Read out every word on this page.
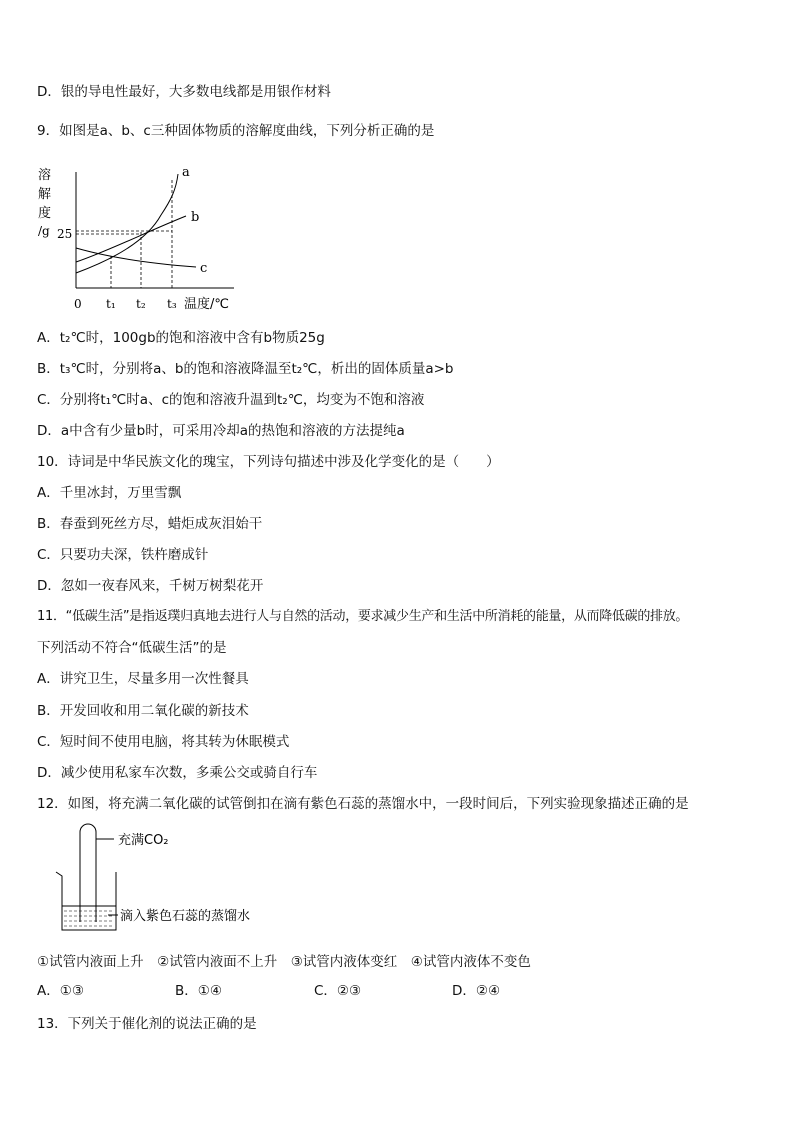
D．银的导电性最好，大多数电线都是用银作材料
9．如图是a、b、c三种固体物质的溶解度曲线，下列分析正确的是
溶
解
度
/g 25
a
b
c
0 t₁ t₂ t₃ 温度/℃
A．t₂℃时，100gb的饱和溶液中含有b物质25g
B．t₃℃时，分别将a、b的饱和溶液降温至t₂℃，析出的固体质量a>b
C．分别将t₁℃时a、c的饱和溶液升温到t₂℃，均变为不饱和溶液
D．a中含有少量b时，可采用冷却a的热饱和溶液的方法提纯a
10．诗词是中华民族文化的瑰宝，下列诗句描述中涉及化学变化的是（　　）
A．千里冰封，万里雪飘
B．春蚕到死丝方尽，蜡炬成灰泪始干
C．只要功夫深，铁杵磨成针
D．忽如一夜春风来，千树万树梨花开
11．“低碳生活”是指返璞归真地去进行人与自然的活动，要求减少生产和生活中所消耗的能量，从而降低碳的排放。
下列活动不符合“低碳生活”的是
A．讲究卫生，尽量多用一次性餐具
B．开发回收和用二氧化碳的新技术
C．短时间不使用电脑，将其转为休眠模式
D．减少使用私家车次数，多乘公交或骑自行车
12．如图，将充满二氧化碳的试管倒扣在滴有紫色石蕊的蒸馏水中，一段时间后，下列实验现象描述正确的是
充满CO₂
滴入紫色石蕊的蒸馏水
①试管内液面上升　②试管内液面不上升　③试管内液体变红　④试管内液体不变色
A．①③	B．①④	C．②③	D．②④
13．下列关于催化剂的说法正确的是
